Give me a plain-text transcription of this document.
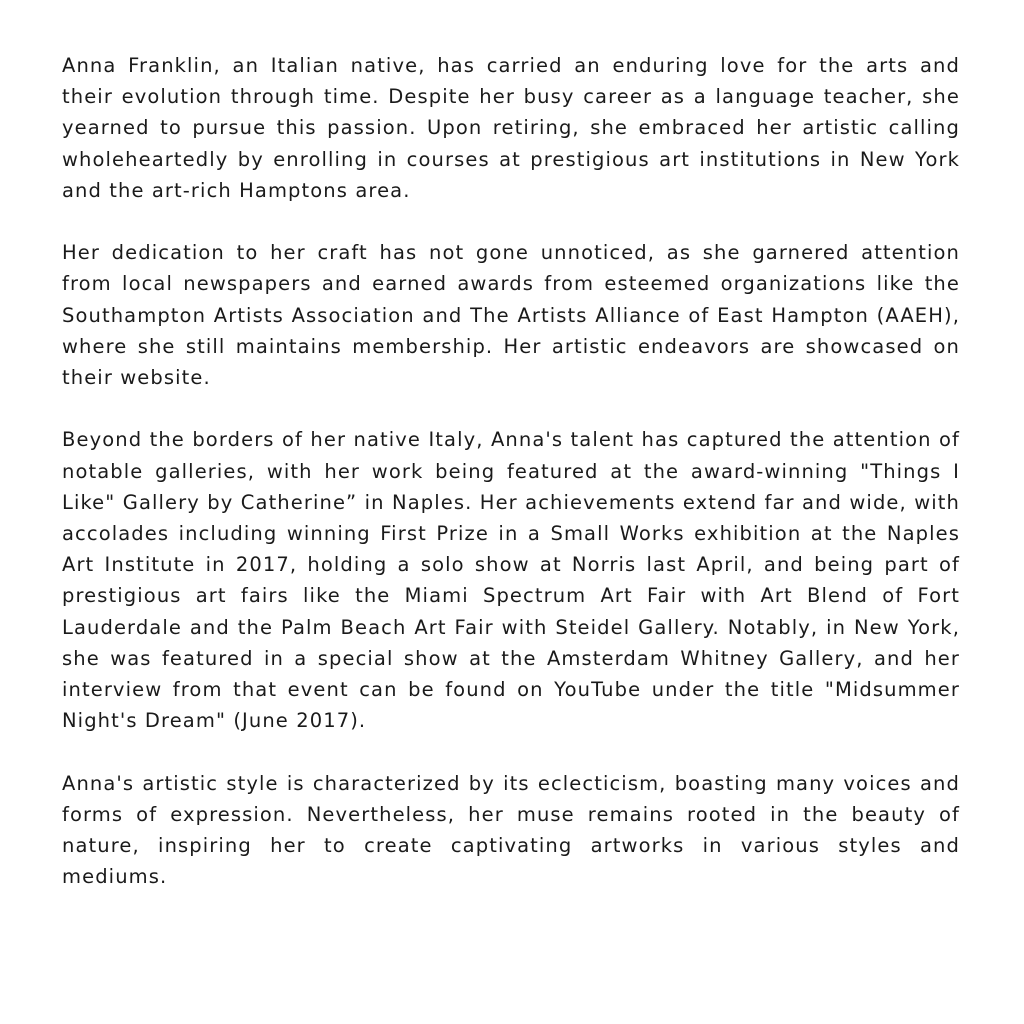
Anna Franklin, an Italian native, has carried an enduring love for the arts and their evolution through time. Despite her busy career as a language teacher, she yearned to pursue this passion. Upon retiring, she embraced her artistic calling wholeheartedly by enrolling in courses at prestigious art institutions in New York and the art-rich Hamptons area.

Her dedication to her craft has not gone unnoticed, as she garnered attention from local newspapers and earned awards from esteemed organizations like the Southampton Artists Association and The Artists Alliance of East Hampton (AAEH), where she still maintains membership. Her artistic endeavors are showcased on their website.

Beyond the borders of her native Italy, Anna's talent has captured the attention of notable galleries, with her work being featured at the award-winning "Things I Like" Gallery by Catherine” in Naples. Her achievements extend far and wide, with accolades including winning First Prize in a Small Works exhibition at the Naples Art Institute in 2017, holding a solo show at Norris last April, and being part of prestigious art fairs like the Miami Spectrum Art Fair with Art Blend of Fort Lauderdale and the Palm Beach Art Fair with Steidel Gallery. Notably, in New York, she was featured in a special show at the Amsterdam Whitney Gallery, and her interview from that event can be found on YouTube under the title "Midsummer Night's Dream" (June 2017).

Anna's artistic style is characterized by its eclecticism, boasting many voices and forms of expression. Nevertheless, her muse remains rooted in the beauty of nature, inspiring her to create captivating artworks in various styles and mediums.
